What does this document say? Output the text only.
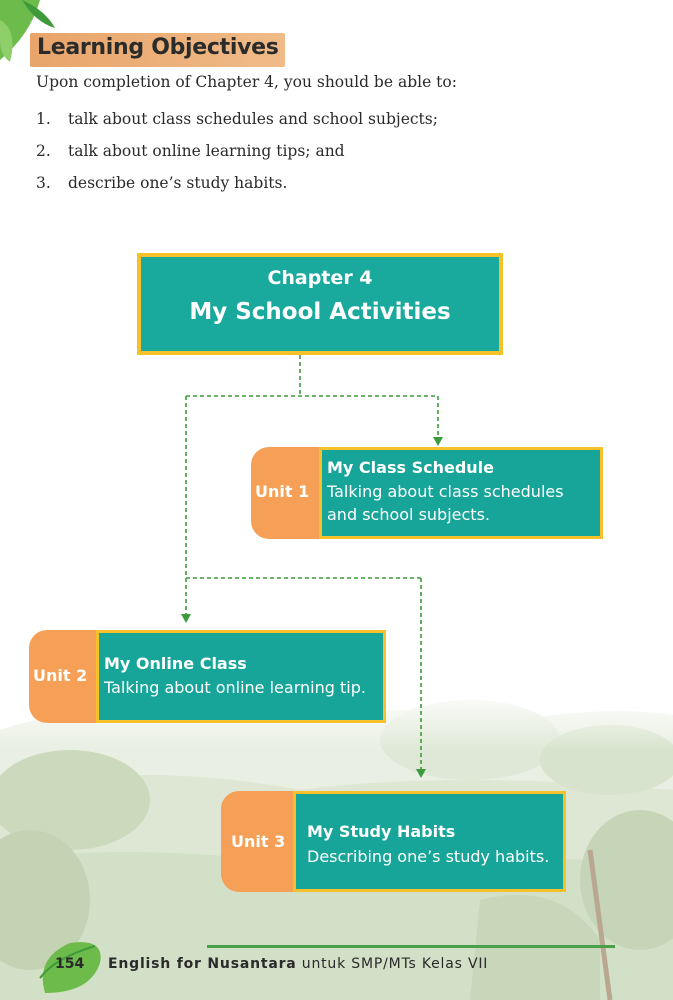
Learning Objectives
Upon completion of Chapter 4, you should be able to:
1.	talk about class schedules and school subjects;
2.	talk about online learning tips; and
3.	describe one’s study habits.
Chapter 4
My School Activities
Unit 1
My Class Schedule
Talking about class schedules and school subjects.
Unit 2
My Online Class
Talking about online learning tip.
Unit 3
My Study Habits
Describing one’s study habits.
154 English for Nusantara untuk SMP/MTs Kelas VII
